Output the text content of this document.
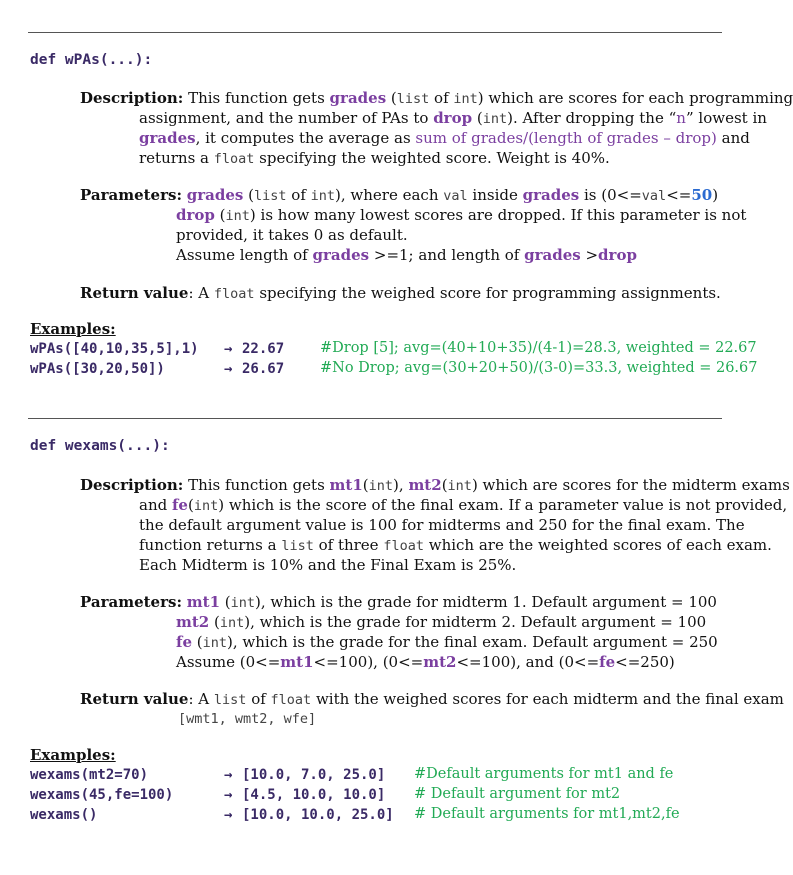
def wPAs(...):
Description: This function gets grades (list of int) which are scores for each programming
assignment, and the number of PAs to drop (int). After dropping the “n” lowest in
grades, it computes the average as sum of grades/(length of grades – drop) and
returns a float specifying the weighted score. Weight is 40%.
Parameters: grades (list of int), where each val inside grades is (0<=val<=50)
drop (int) is how many lowest scores are dropped. If this parameter is not
provided, it takes 0 as default.
Assume length of grades >=1; and length of grades >drop
Return value: A float specifying the weighed score for programming assignments.
Examples:
wPAs([40,10,35,5],1) → 22.67 #Drop [5]; avg=(40+10+35)/(4-1)=28.3, weighted = 22.67
wPAs([30,20,50])	→ 26.67 #No Drop; avg=(30+20+50)/(3-0)=33.3, weighted = 26.67
def wexams(...):
Description: This function gets mt1(int), mt2(int) which are scores for the midterm exams
and fe(int) which is the score of the final exam. If a parameter value is not provided,
the default argument value is 100 for midterms and 250 for the final exam. The
function returns a list of three float which are the weighted scores of each exam.
Each Midterm is 10% and the Final Exam is 25%.
Parameters: mt1 (int), which is the grade for midterm 1. Default argument = 100
mt2 (int), which is the grade for midterm 2. Default argument = 100
fe (int), which is the grade for the final exam. Default argument = 250
Assume (0<=mt1<=100), (0<=mt2<=100), and (0<=fe<=250)
Return value: A list of float with the weighed scores for each midterm and the final exam
[wmt1, wmt2, wfe]
Examples:
wexams(mt2=70)	→ [10.0, 7.0, 25.0] #Default arguments for mt1 and fe
wexams(45,fe=100)	→ [4.5, 10.0, 10.0] # Default argument for mt2
wexams()	→ [10.0, 10.0, 25.0] # Default arguments for mt1,mt2,fe
